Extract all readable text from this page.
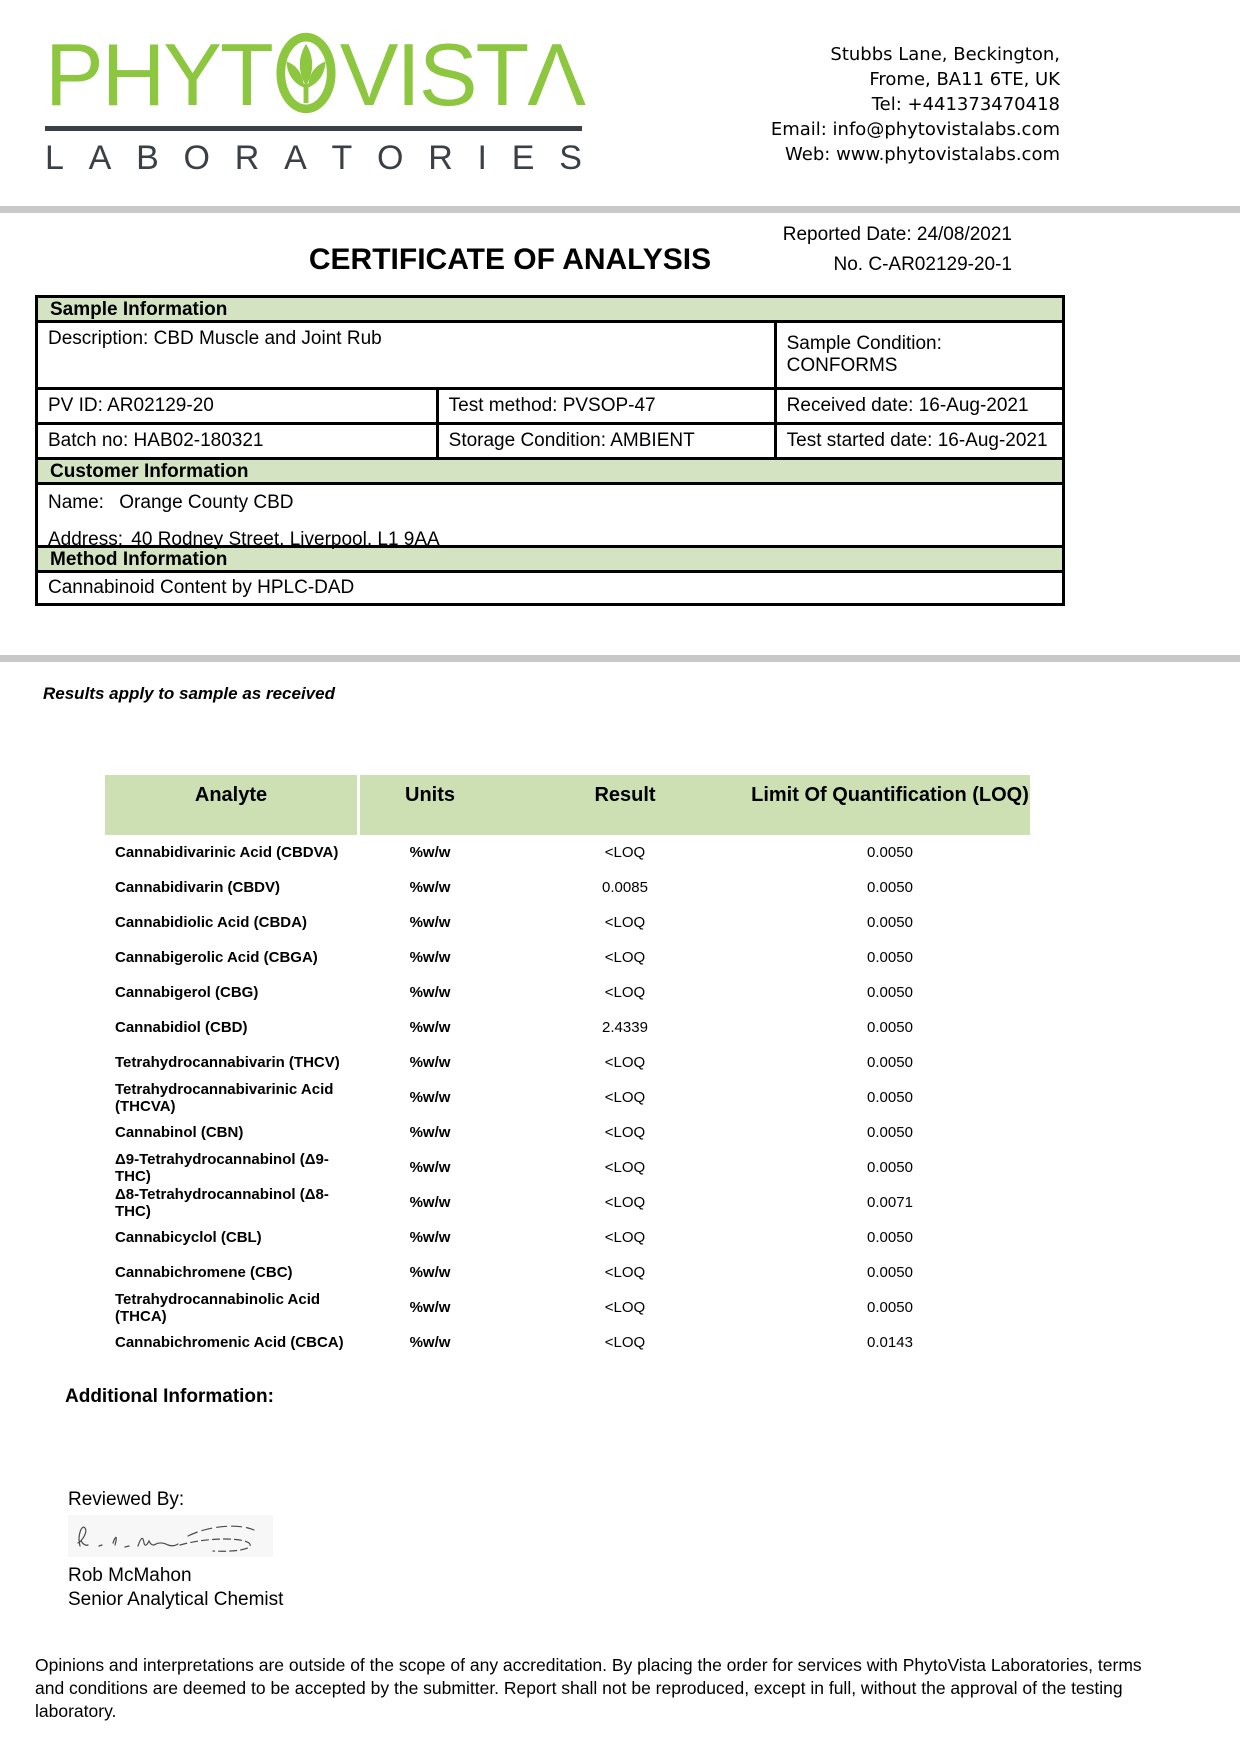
PHYT VIST Λ
L A B O R A T O R I E S
Stubbs Lane, Beckington,
Frome, BA11 6TE, UK
Tel: +441373470418
Email: info@phytovistalabs.com
Web: www.phytovistalabs.com
CERTIFICATE OF ANALYSIS
Reported Date: 24/08/2021
No. C-AR02129-20-1
Sample Information
Description: CBD Muscle and Joint Rub	Sample Condition: CONFORMS
PV ID: AR02129-20	Test method: PVSOP-47	Received date: 16-Aug-2021
Batch no: HAB02-180321	Storage Condition: AMBIENT	Test started date: 16-Aug-2021
Customer Information
Name: Orange County CBD
Address: 40 Rodney Street, Liverpool, L1 9AA
Method Information
Cannabinoid Content by HPLC-DAD
Results apply to sample as received
Analyte	Units	Result	Limit Of Quantification (LOQ)
Cannabidivarinic Acid (CBDVA)	%w/w	<LOQ	0.0050
Cannabidivarin (CBDV)	%w/w	0.0085	0.0050
Cannabidiolic Acid (CBDA)	%w/w	<LOQ	0.0050
Cannabigerolic Acid (CBGA)	%w/w	<LOQ	0.0050
Cannabigerol (CBG)	%w/w	<LOQ	0.0050
Cannabidiol (CBD)	%w/w	2.4339	0.0050
Tetrahydrocannabivarin (THCV)	%w/w	<LOQ	0.0050
Tetrahydrocannabivarinic Acid (THCVA)	%w/w	<LOQ	0.0050
Cannabinol (CBN)	%w/w	<LOQ	0.0050
Δ9-Tetrahydrocannabinol (Δ9-THC)	%w/w	<LOQ	0.0050
Δ8-Tetrahydrocannabinol (Δ8-THC)	%w/w	<LOQ	0.0071
Cannabicyclol (CBL)	%w/w	<LOQ	0.0050
Cannabichromene (CBC)	%w/w	<LOQ	0.0050
Tetrahydrocannabinolic Acid (THCA)	%w/w	<LOQ	0.0050
Cannabichromenic Acid (CBCA)	%w/w	<LOQ	0.0143
Additional Information:
Reviewed By:
Rob McMahon
Senior Analytical Chemist
Opinions and interpretations are outside of the scope of any accreditation. By placing the order for services with PhytoVista Laboratories, terms and conditions are deemed to be accepted by the submitter. Report shall not be reproduced, except in full, without the approval of the testing laboratory.
